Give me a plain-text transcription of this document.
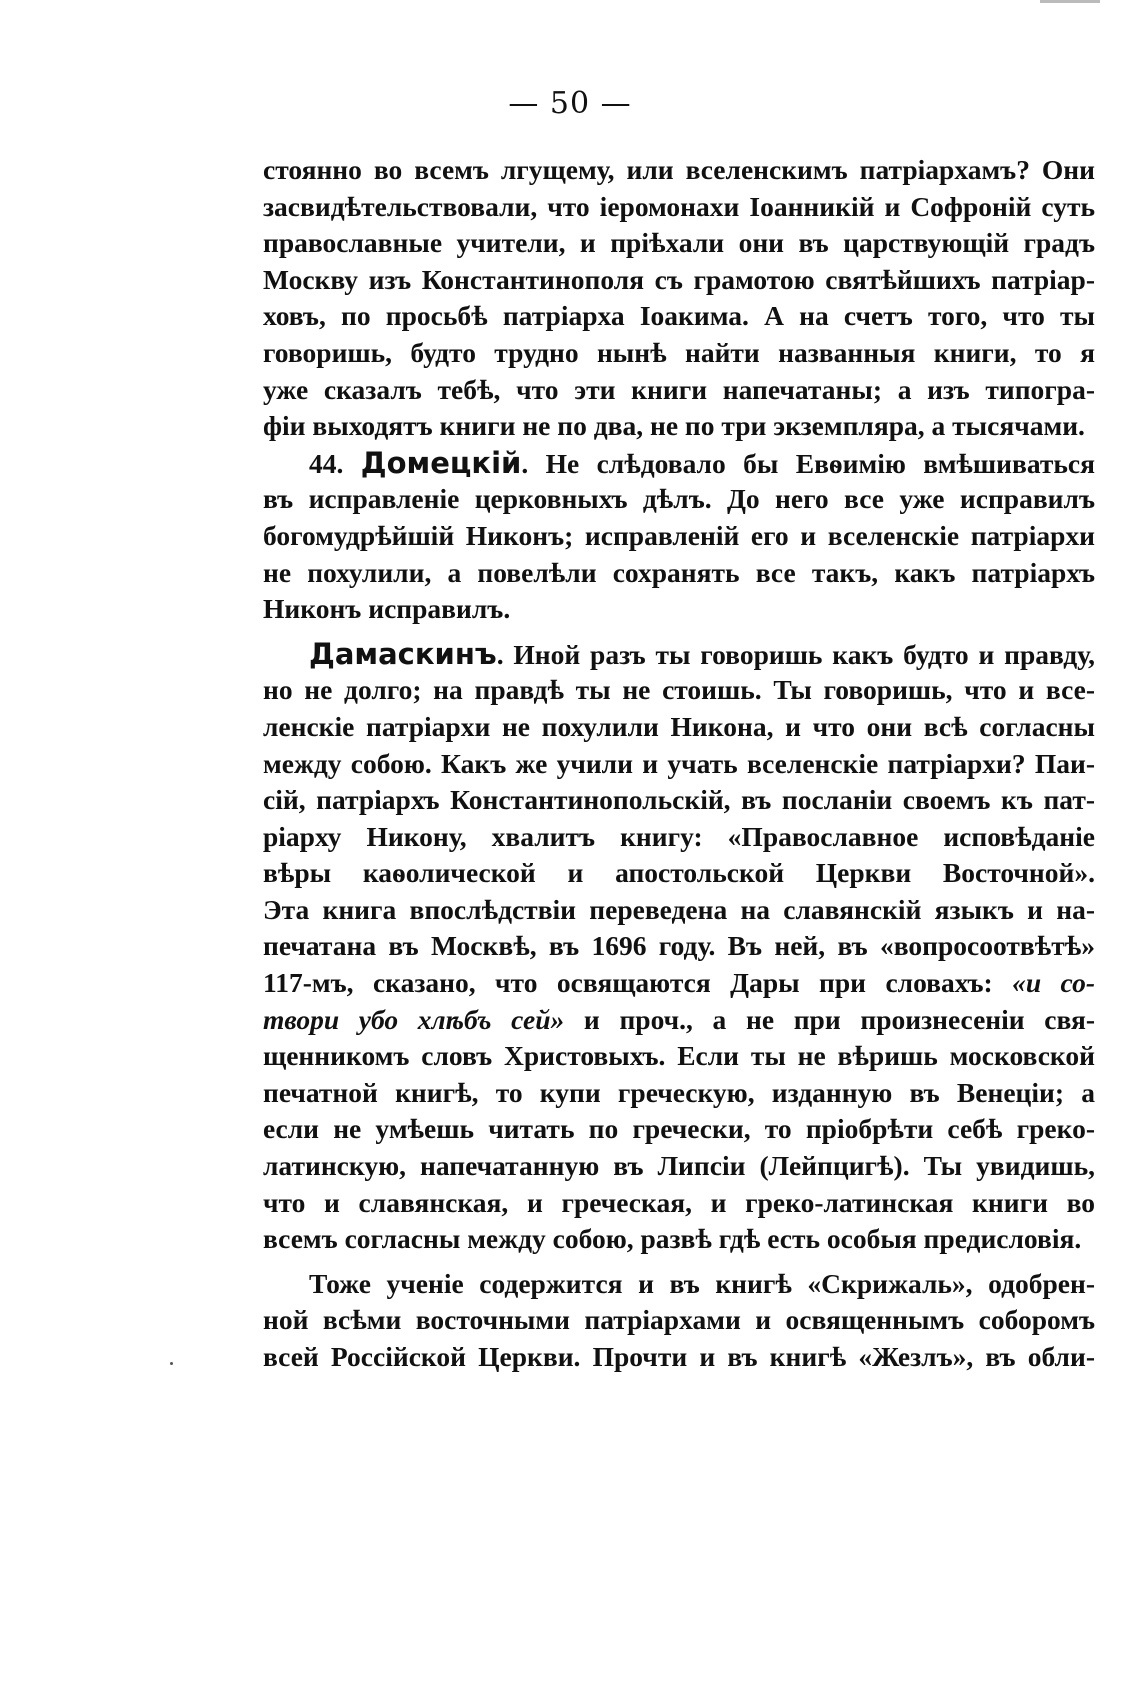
— 50 —
стоянно во всемъ лгущему, или вселенскимъ патріархамъ? Они
засвидѣтельствовали, что іеромонахи Іоанникій и Софроній суть
православные учители, и пріѣхали они въ царствующій градъ
Москву изъ Константинополя съ грамотою святѣйшихъ патріар-
ховъ, по просьбѣ патріарха Іоакима. А на счетъ того, что ты
говоришь, будто трудно нынѣ найти названныя книги, то я
уже сказалъ тебѣ, что эти книги напечатаны; а изъ типогра-
фіи выходятъ книги не по два, не по три экземпляра, а тысячами.
44. Домецкій. Не слѣдовало бы Евѳимію вмѣшиваться
въ исправленіе церковныхъ дѣлъ. До него все уже исправилъ
богомудрѣйшій Никонъ; исправленій его и вселенскіе патріархи
не похулили, а повелѣли сохранять все такъ, какъ патріархъ
Никонъ исправилъ.
Дамаскинъ. Иной разъ ты говоришь какъ будто и правду,
но не долго; на правдѣ ты не стоишь. Ты говоришь, что и все-
ленскіе патріархи не похулили Никона, и что они всѣ согласны
между собою. Какъ же учили и учать вселенскіе патріархи? Паи-
сій, патріархъ Константинопольскій, въ посланіи своемъ къ пат-
ріарху Никону, хвалитъ книгу: «Православное исповѣданіе
вѣры каѳолической и апостольской Церкви Восточной».
Эта книга впослѣдствіи переведена на славянскій языкъ и на-
печатана въ Москвѣ, въ 1696 году. Въ ней, въ «вопросоотвѣтѣ»
117-мъ, сказано, что освящаются Дары при словахъ: «и со-
твори убо хлѣбъ сей» и проч., а не при произнесеніи свя-
щенникомъ словъ Христовыхъ. Если ты не вѣришь московской
печатной книгѣ, то купи греческую, изданную въ Венеціи; а
если не умѣешь читать по гречески, то пріобрѣти себѣ греко-
латинскую, напечатанную въ Липсіи (Лейпцигѣ). Ты увидишь,
что и славянская, и греческая, и греко-латинская книги во
всемъ согласны между собою, развѣ гдѣ есть особыя предисловія.
Тоже ученіе содержится и въ книгѣ «Скрижаль», одобрен-
ной всѣми восточными патріархами и освященнымъ соборомъ
всей Россійской Церкви. Прочти и въ книгѣ «Жезлъ», въ обли-
